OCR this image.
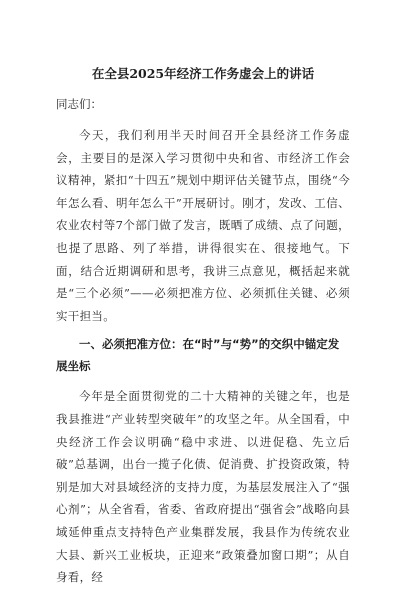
在全县2025年经济工作务虚会上的讲话
同志们：

今天，我们利用半天时间召开全县经济工作务虚会，主要目的是深入学习贯彻中央和省、市经济工作会议精神，紧扣“十四五”规划中期评估关键节点，围绕“今年怎么看、明年怎么干”开展研讨。刚才，发改、工信、农业农村等7个部门做了发言，既晒了成绩、点了问题，也提了思路、列了举措，讲得很实在、很接地气。下面，结合近期调研和思考，我讲三点意见，概括起来就是“三个必须”——必须把准方位、必须抓住关键、必须实干担当。

一、必须把准方位：在“时”与“势”的交织中锚定发展坐标

今年是全面贯彻党的二十大精神的关键之年，也是我县推进“产业转型突破年”的攻坚之年。从全国看，中央经济工作会议明确“稳中求进、以进促稳、先立后破”总基调，出台一揽子化债、促消费、扩投资政策，特别是加大对县域经济的支持力度，为基层发展注入了“强心剂”；从全省看，省委、省政府提出“强省会”战略向县域延伸重点支持特色产业集群发展，我县作为传统农业大县、新兴工业板块，正迎来“政策叠加窗口期”；从自身看，经
